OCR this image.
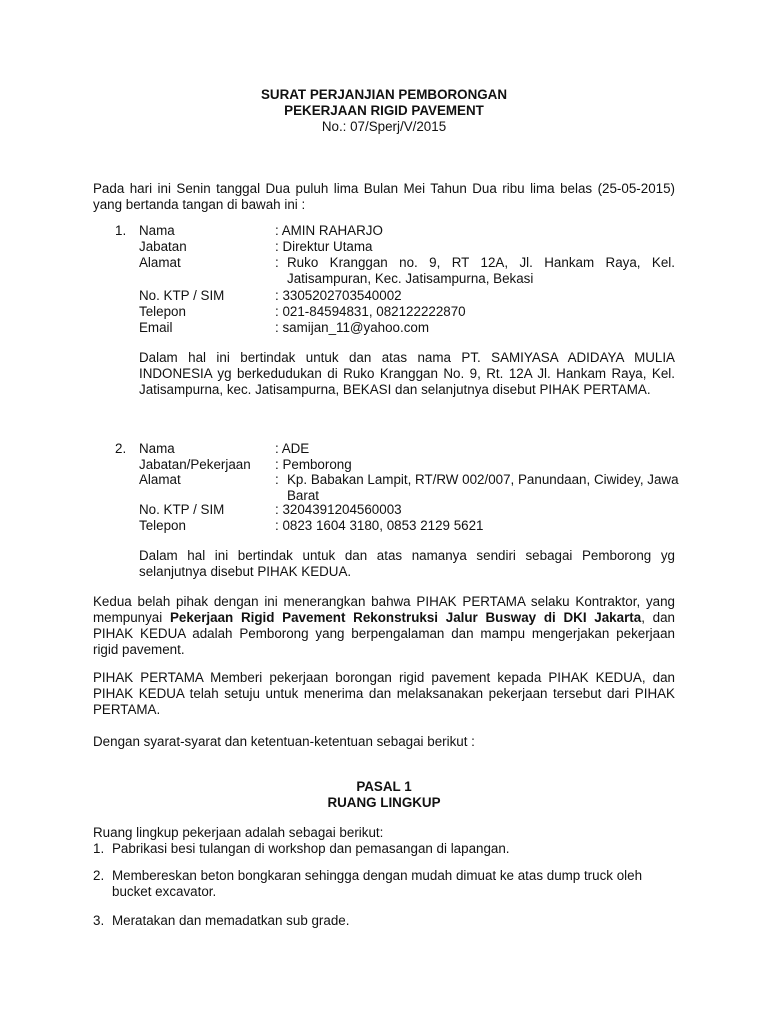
SURAT PERJANJIAN PEMBORONGAN
PEKERJAAN RIGID PAVEMENT
No.: 07/Sperj/V/2015
Pada hari ini Senin tanggal Dua puluh lima Bulan Mei Tahun Dua ribu lima belas (25-05-2015) yang bertanda tangan di bawah ini :
1. Nama	: AMIN RAHARJO
Jabatan	: Direktur Utama
Alamat	: Ruko Kranggan no. 9, RT 12A, Jl. Hankam Raya, Kel. Jatisampuran, Kec. Jatisampurna, Bekasi
No. KTP / SIM	: 3305202703540002
Telepon	: 021-84594831, 082122222870
Email	: samijan_11@yahoo.com
Dalam hal ini bertindak untuk dan atas nama PT. SAMIYASA ADIDAYA MULIA INDONESIA yg berkedudukan di Ruko Kranggan No. 9, Rt. 12A Jl. Hankam Raya, Kel. Jatisampurna, kec. Jatisampurna, BEKASI dan selanjutnya disebut PIHAK PERTAMA.
2. Nama	: ADE
Jabatan/Pekerjaan : Pemborong
Alamat	: Kp. Babakan Lampit, RT/RW 002/007, Panundaan, Ciwidey, Jawa Barat
No. KTP / SIM	: 3204391204560003
Telepon	: 0823 1604 3180, 0853 2129 5621
Dalam hal ini bertindak untuk dan atas namanya sendiri sebagai Pemborong yg selanjutnya disebut PIHAK KEDUA.
Kedua belah pihak dengan ini menerangkan bahwa PIHAK PERTAMA selaku Kontraktor, yang mempunyai Pekerjaan Rigid Pavement Rekonstruksi Jalur Busway di DKI Jakarta, dan PIHAK KEDUA adalah Pemborong yang berpengalaman dan mampu mengerjakan pekerjaan rigid pavement.
PIHAK PERTAMA Memberi pekerjaan borongan rigid pavement kepada PIHAK KEDUA, dan PIHAK KEDUA telah setuju untuk menerima dan melaksanakan pekerjaan tersebut dari PIHAK PERTAMA.
Dengan syarat-syarat dan ketentuan-ketentuan sebagai berikut :
PASAL 1
RUANG LINGKUP
Ruang lingkup pekerjaan adalah sebagai berikut:
1. Pabrikasi besi tulangan di workshop dan pemasangan di lapangan.
2. Membereskan beton bongkaran sehingga dengan mudah dimuat ke atas dump truck oleh bucket excavator.
3. Meratakan dan memadatkan sub grade.
